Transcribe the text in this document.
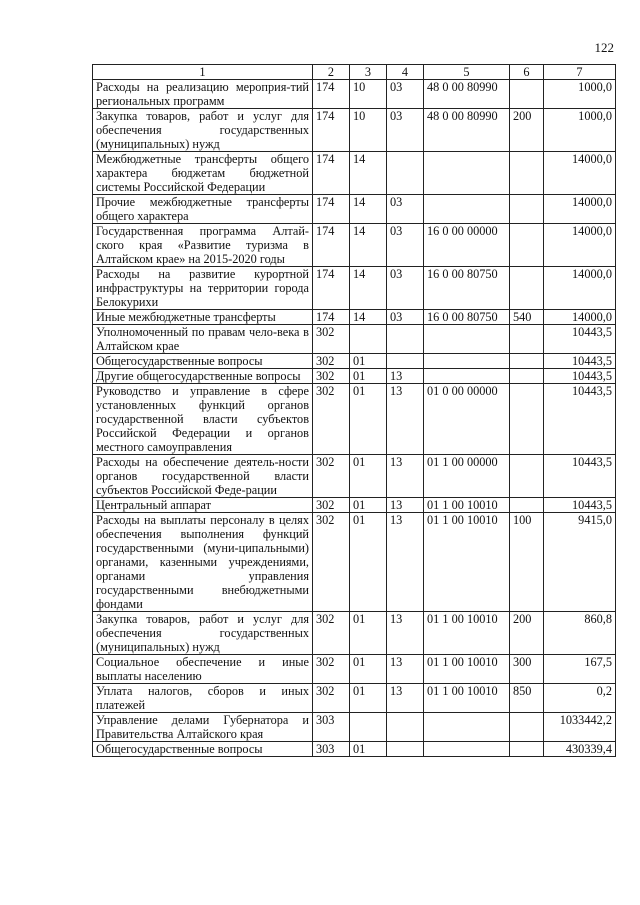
122
1	2	3	4	5	6	7
Расходы на реализацию мероприя-тий региональных программ	174	10	03	48 0 00 80990		1000,0
Закупка товаров, работ и услуг для обеспечения государственных (муниципальных) нужд	174	10	03	48 0 00 80990	200	1000,0
Межбюджетные трансферты общего характера бюджетам бюджетной системы Российской Федерации	174	14				14000,0
Прочие межбюджетные трансферты общего характера	174	14	03			14000,0
Государственная программа Алтай-ского края «Развитие туризма в Алтайском крае» на 2015-2020 годы	174	14	03	16 0 00 00000		14000,0
Расходы на развитие курортной инфраструктуры на территории города Белокурихи	174	14	03	16 0 00 80750		14000,0
Иные межбюджетные трансферты	174	14	03	16 0 00 80750	540	14000,0
Уполномоченный по правам чело-века в Алтайском крае	302					10443,5
Общегосударственные вопросы	302	01				10443,5
Другие общегосударственные вопросы	302	01	13			10443,5
Руководство и управление в сфере установленных функций органов государственной власти субъектов Российской Федерации и органов местного самоуправления	302	01	13	01 0 00 00000		10443,5
Расходы на обеспечение деятель-ности органов государственной власти субъектов Российской Феде-рации	302	01	13	01 1 00 00000		10443,5
Центральный аппарат	302	01	13	01 1 00 10010		10443,5
Расходы на выплаты персоналу в целях обеспечения выполнения функций государственными (муни-ципальными) органами, казенными учреждениями, органами управления государственными внебюджетными фондами	302	01	13	01 1 00 10010	100	9415,0
Закупка товаров, работ и услуг для обеспечения государственных (муниципальных) нужд	302	01	13	01 1 00 10010	200	860,8
Социальное обеспечение и иные выплаты населению	302	01	13	01 1 00 10010	300	167,5
Уплата налогов, сборов и иных платежей	302	01	13	01 1 00 10010	850	0,2
Управление делами Губернатора и Правительства Алтайского края	303					1033442,2
Общегосударственные вопросы	303	01				430339,4
